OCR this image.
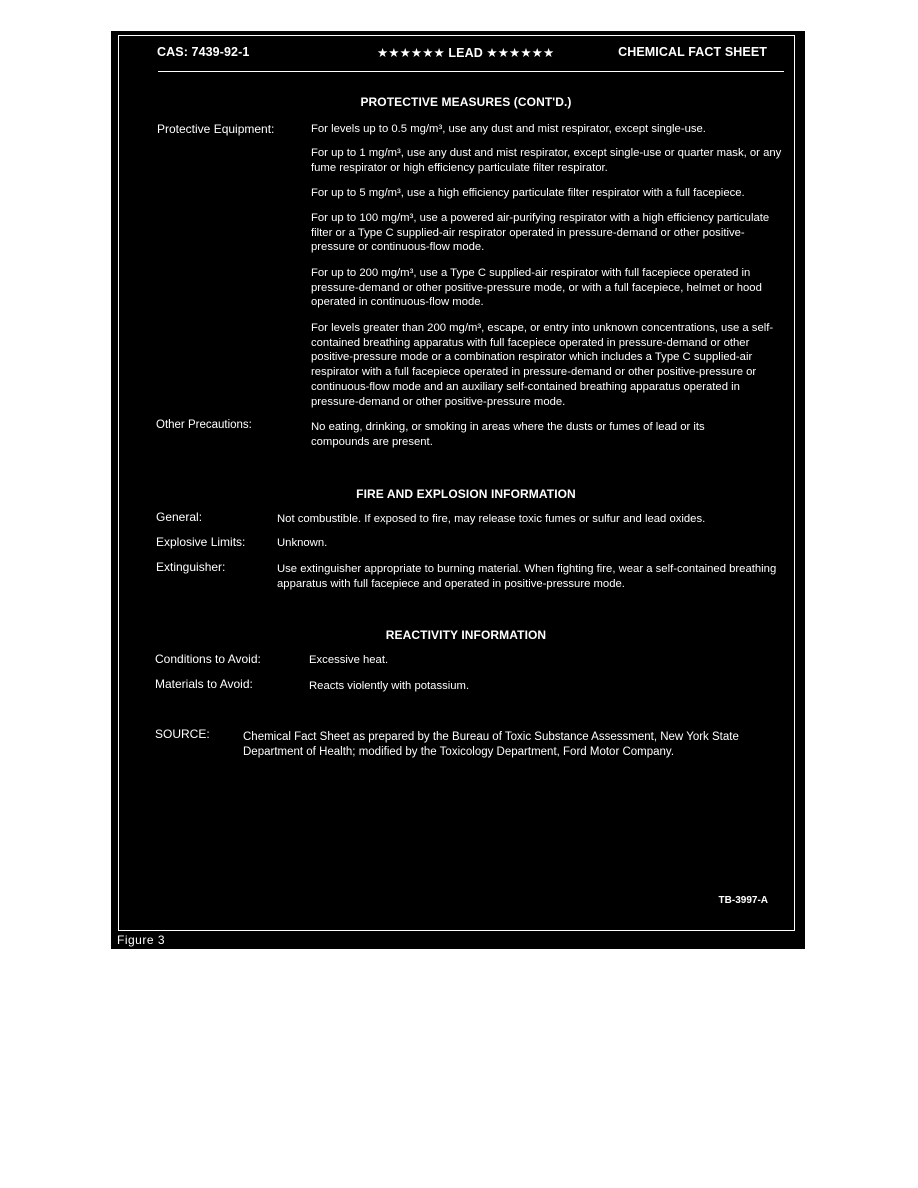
CAS: 7439-92-1	★★★★★★ LEAD ★★★★★★	CHEMICAL FACT SHEET
PROTECTIVE MEASURES (CONT'D.)
Protective Equipment:	For levels up to 0.5 mg/m³, use any dust and mist respirator, except single-use.
For up to 1 mg/m³, use any dust and mist respirator, except single-use or quarter mask, or any fume respirator or high efficiency particulate filter respirator.
For up to 5 mg/m³, use a high efficiency particulate filter respirator with a full facepiece.
For up to 100 mg/m³, use a powered air-purifying respirator with a high efficiency particulate filter or a Type C supplied-air respirator operated in pressure-demand or other positive-pressure or continuous-flow mode.
For up to 200 mg/m³, use a Type C supplied-air respirator with full facepiece operated in pressure-demand or other positive-pressure mode, or with a full facepiece, helmet or hood operated in continuous-flow mode.
For levels greater than 200 mg/m³, escape, or entry into unknown concentrations, use a self-contained breathing apparatus with full facepiece operated in pressure-demand or other positive-pressure mode or a combination respirator which includes a Type C supplied-air respirator with a full facepiece operated in pressure-demand or other positive-pressure or continuous-flow mode and an auxiliary self-contained breathing apparatus operated in pressure-demand or other positive-pressure mode.
Other Precautions:	No eating, drinking, or smoking in areas where the dusts or fumes of lead or its compounds are present.
FIRE AND EXPLOSION INFORMATION
General:	Not combustible. If exposed to fire, may release toxic fumes or sulfur and lead oxides.
Explosive Limits:	Unknown.
Extinguisher:	Use extinguisher appropriate to burning material. When fighting fire, wear a self-contained breathing apparatus with full facepiece and operated in positive-pressure mode.
REACTIVITY INFORMATION
Conditions to Avoid:	Excessive heat.
Materials to Avoid:	Reacts violently with potassium.
SOURCE:	Chemical Fact Sheet as prepared by the Bureau of Toxic Substance Assessment, New York State Department of Health; modified by the Toxicology Department, Ford Motor Company.
TB-3997-A
Figure 3
